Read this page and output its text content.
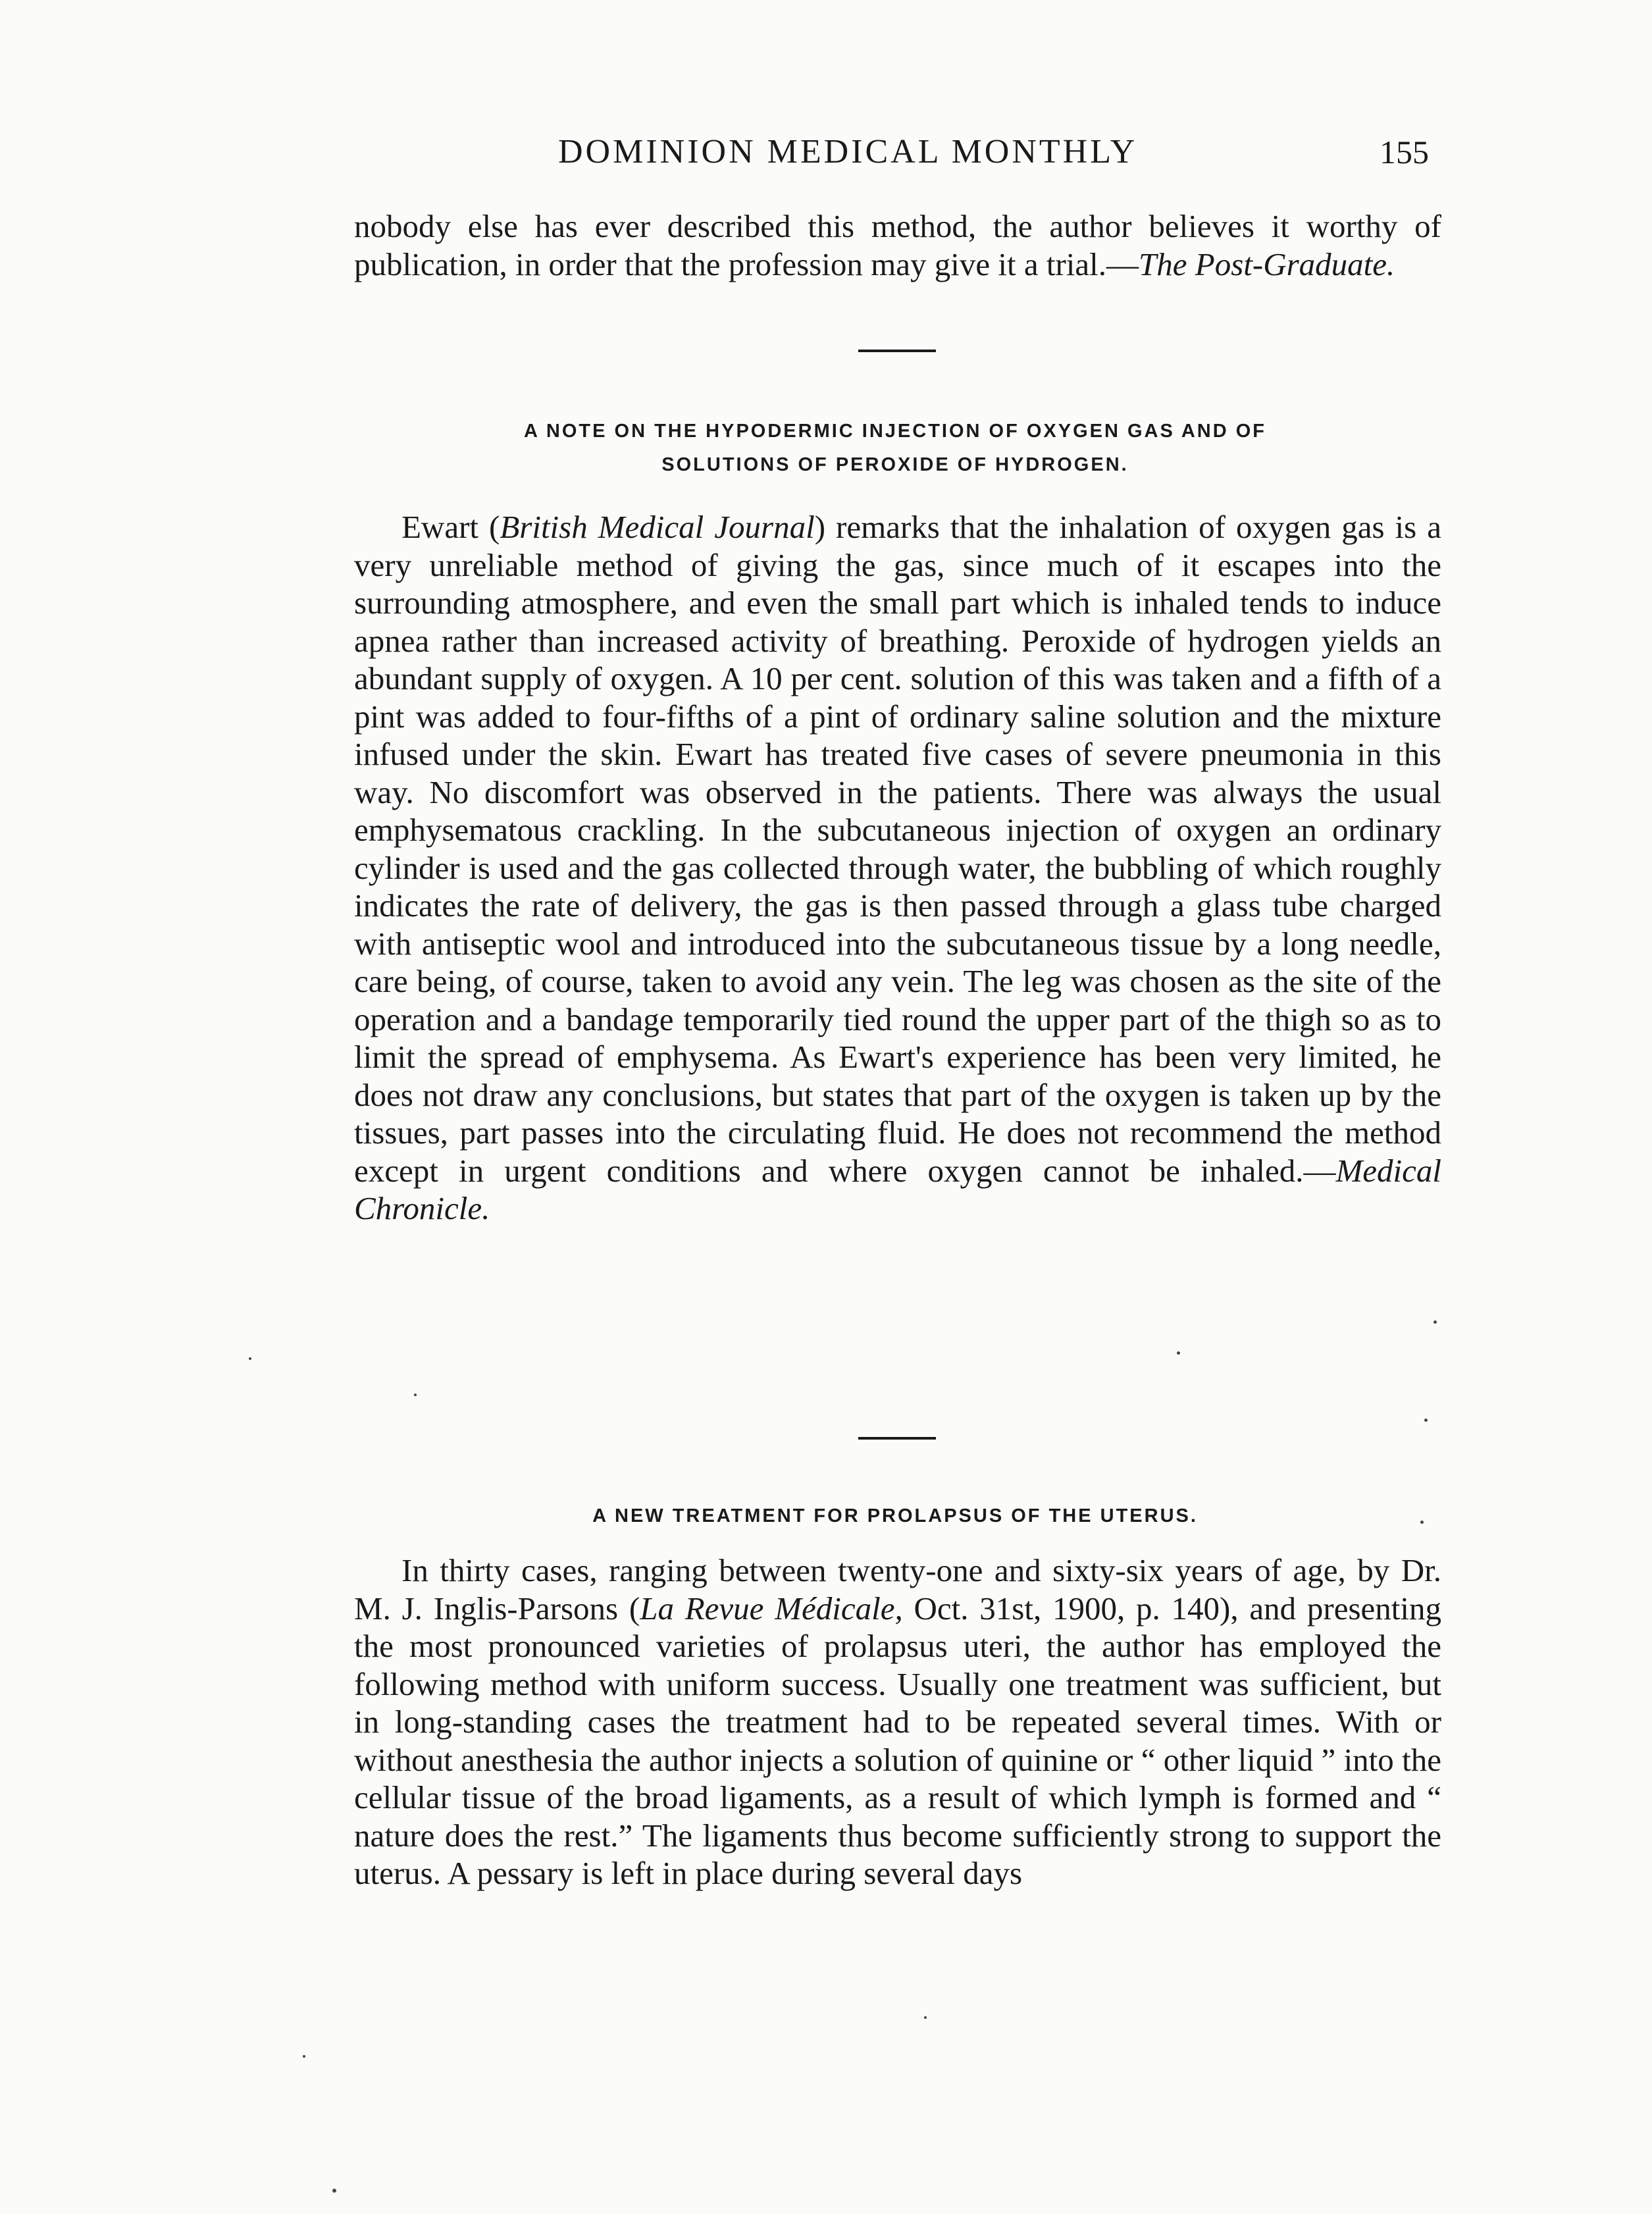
DOMINION MEDICAL MONTHLY	155

nobody else has ever described this method, the author believes it worthy of publication, in order that the profession may give it a trial.—The Post-Graduate.

A NOTE ON THE HYPODERMIC INJECTION OF OXYGEN GAS AND OF
SOLUTIONS OF PEROXIDE OF HYDROGEN.

Ewart (British Medical Journal) remarks that the inhalation of oxygen gas is a very unreliable method of giving the gas, since much of it escapes into the surrounding atmosphere, and even the small part which is inhaled tends to induce apnea rather than increased activity of breathing. Peroxide of hydrogen yields an abundant supply of oxygen. A 10 per cent. solution of this was taken and a fifth of a pint was added to four-fifths of a pint of ordinary saline solution and the mixture infused under the skin. Ewart has treated five cases of severe pneumonia in this way. No discomfort was observed in the patients. There was always the usual emphysematous crackling. In the subcutaneous injection of oxygen an ordinary cylinder is used and the gas collected through water, the bubbling of which roughly indicates the rate of delivery, the gas is then passed through a glass tube charged with antiseptic wool and introduced into the subcutaneous tissue by a long needle, care being, of course, taken to avoid any vein. The leg was chosen as the site of the operation and a bandage temporarily tied round the upper part of the thigh so as to limit the spread of emphysema. As Ewart's experience has been very limited, he does not draw any conclusions, but states that part of the oxygen is taken up by the tissues, part passes into the circulating fluid. He does not recommend the method except in urgent conditions and where oxygen cannot be inhaled.—Medical Chronicle.

A NEW TREATMENT FOR PROLAPSUS OF THE UTERUS.

In thirty cases, ranging between twenty-one and sixty-six years of age, by Dr. M. J. Inglis-Parsons (La Revue Médicale, Oct. 31st, 1900, p. 140), and presenting the most pronounced varieties of prolapsus uteri, the author has employed the following method with uniform success. Usually one treatment was sufficient, but in long-standing cases the treatment had to be repeated several times. With or without anesthesia the author injects a solution of quinine or “ other liquid ” into the cellular tissue of the broad ligaments, as a result of which lymph is formed and “ nature does the rest.” The ligaments thus become sufficiently strong to support the uterus. A pessary is left in place during several days
